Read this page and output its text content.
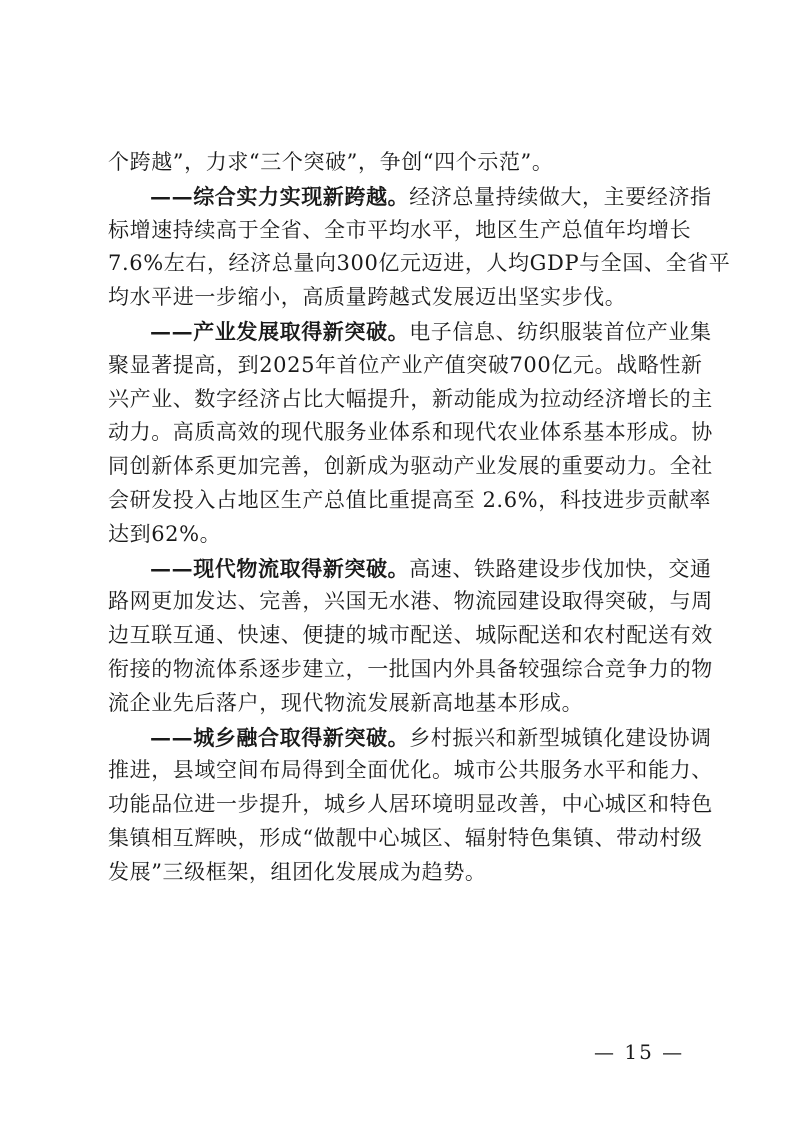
个跨越”，力求“三个突破”，争创“四个示范”。
——综合实力实现新跨越。经济总量持续做大，主要经济指
标增速持续高于全省、全市平均水平，地区生产总值年均增长
7.6%左右，经济总量向300亿元迈进，人均GDP与全国、全省平
均水平进一步缩小，高质量跨越式发展迈出坚实步伐。
——产业发展取得新突破。电子信息、纺织服装首位产业集
聚显著提高，到2025年首位产业产值突破700亿元。战略性新
兴产业、数字经济占比大幅提升，新动能成为拉动经济增长的主
动力。高质高效的现代服务业体系和现代农业体系基本形成。协
同创新体系更加完善，创新成为驱动产业发展的重要动力。全社
会研发投入占地区生产总值比重提高至 2.6%，科技进步贡献率
达到62%。
——现代物流取得新突破。高速、铁路建设步伐加快，交通
路网更加发达、完善，兴国无水港、物流园建设取得突破，与周
边互联互通、快速、便捷的城市配送、城际配送和农村配送有效
衔接的物流体系逐步建立，一批国内外具备较强综合竞争力的物
流企业先后落户，现代物流发展新高地基本形成。
——城乡融合取得新突破。乡村振兴和新型城镇化建设协调
推进，县域空间布局得到全面优化。城市公共服务水平和能力、
功能品位进一步提升，城乡人居环境明显改善，中心城区和特色
集镇相互辉映，形成“做靓中心城区、辐射特色集镇、带动村级
发展”三级框架，组团化发展成为趋势。
— 15 —
